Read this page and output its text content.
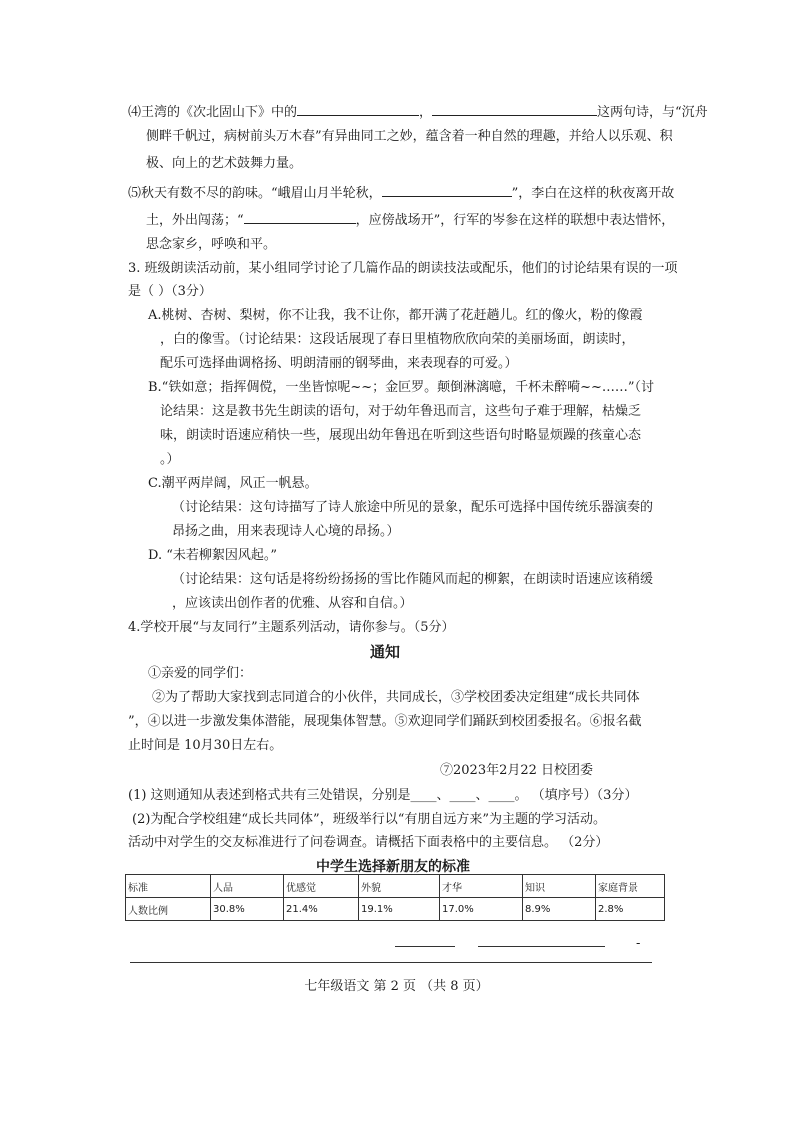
⑷王湾的《次北固山下》中的	，	这两句诗，与“沉舟
侧畔千帆过，病树前头万木春”有异曲同工之妙，蕴含着一种自然的理趣，并给人以乐观、积
极、向上的艺术鼓舞力量。
⑸秋天有数不尽的韵味。“峨眉山月半轮秋，	”，李白在这样的秋夜离开故
土，外出闯荡；“	，应傍战场开”，行军的岑参在这样的联想中表达惜怀，
思念家乡，呼唤和平。
3. 班级朗读活动前，某小组同学讨论了几篇作品的朗读技法或配乐，他们的讨论结果有误的一项
是（ ）（3分）
A.桃树、杏树、梨树，你不让我，我不让你，都开满了花赶趟儿。红的像火，粉的像霞
，白的像雪。（讨论结果：这段话展现了春日里植物欣欣向荣的美丽场面，朗读时，
配乐可选择曲调格扬、明朗清丽的钢琴曲，来表现春的可爱。）
B.“铁如意；指挥倜傥，一坐皆惊呢~~；金叵罗。颠倒淋漓噫，千杯未醉嗬~~……”（讨
论结果：这是教书先生朗读的语句，对于幼年鲁迅而言，这些句子难于理解，枯燥乏
味，朗读时语速应稍快一些，展现出幼年鲁迅在听到这些语句时略显烦躁的孩童心态
。）
C.潮平两岸阔，风正一帆悬。
（讨论结果：这句诗描写了诗人旅途中所见的景象，配乐可选择中国传统乐器演奏的
昂扬之曲，用来表现诗人心境的昂扬。）
D. “未若柳絮因风起。”
（讨论结果：这句话是将纷纷扬扬的雪比作随风而起的柳絮，在朗读时语速应该稍缓
，应该读出创作者的优雅、从容和自信。）
4.学校开展“与友同行”主题系列活动，请你参与。（5分）
通知
①亲爱的同学们：
②为了帮助大家找到志同道合的小伙伴，共同成长，③学校团委决定组建“成长共同体
”，④以进一步激发集体潜能，展现集体智慧。⑤欢迎同学们踊跃到校团委报名。⑥报名截
止时间是 10月30日左右。
⑦2023年2月22 日校团委
(1) 这则通知从表述到格式共有三处错误，分别是____、____、____。 （填序号）（3分）
(2)为配合学校组建“成长共同体”，班级举行以“有朋自远方来”为主题的学习活动。
活动中对学生的交友标准进行了问卷调查。请概括下面表格中的主要信息。 （2分）
中学生选择新朋友的标准
标准	人品	优感觉	外貌	才华	知识	家庭背景
人数比例	30.8%	21.4%	19.1%	17.0%	8.9%	2.8%
-
七年级语文 第 2 页 （共 8 页）
